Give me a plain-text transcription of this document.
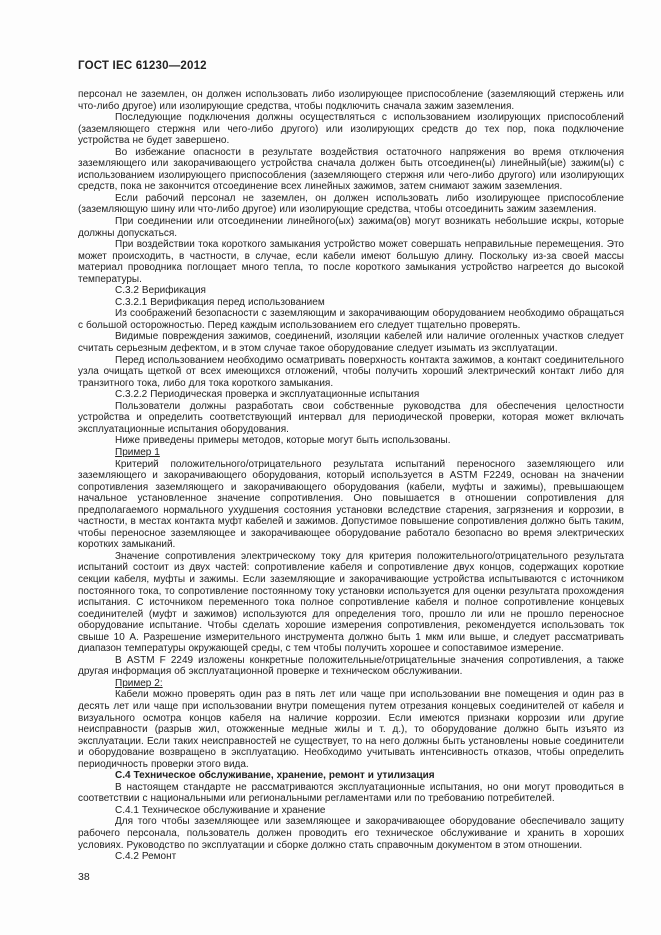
ГОСТ IEC 61230—2012
персонал не заземлен, он должен использовать либо изолирующее приспособление (заземляющий стержень или что-либо другое) или изолирующие средства, чтобы подключить сначала зажим заземления.
Последующие подключения должны осуществляться с использованием изолирующих приспособлений (заземляющего стержня или чего-либо другого) или изолирующих средств до тех пор, пока подключение устройства не будет завершено.
Во избежание опасности в результате воздействия остаточного напряжения во время отключения заземляющего или закорачивающего устройства сначала должен быть отсоединен(ы) линейный(ые) зажим(ы) с использованием изолирующего приспособления (заземляющего стержня или чего-либо другого) или изолирующих средств, пока не закончится отсоединение всех линейных зажимов, затем снимают зажим заземления.
Если рабочий персонал не заземлен, он должен использовать либо изолирующее приспособление (заземляющую шину или что-либо другое) или изолирующие средства, чтобы отсоединить зажим заземления.
При соединении или отсоединении линейного(ых) зажима(ов) могут возникать небольшие искры, которые должны допускаться.
При воздействии тока короткого замыкания устройство может совершать неправильные перемещения. Это может происходить, в частности, в случае, если кабели имеют большую длину. Поскольку из-за своей массы материал проводника поглощает много тепла, то после короткого замыкания устройство нагреется до высокой температуры.
С.3.2 Верификация
С.3.2.1 Верификация перед использованием
Из соображений безопасности с заземляющим и закорачивающим оборудованием необходимо обращаться с большой осторожностью. Перед каждым использованием его следует тщательно проверять.
Видимые повреждения зажимов, соединений, изоляции кабелей или наличие оголенных участков следует считать серьезным дефектом, и в этом случае такое оборудование следует изымать из эксплуатации.
Перед использованием необходимо осматривать поверхность контакта зажимов, а контакт соединительного узла очищать щеткой от всех имеющихся отложений, чтобы получить хороший электрический контакт либо для транзитного тока, либо для тока короткого замыкания.
С.3.2.2 Периодическая проверка и эксплуатационные испытания
Пользователи должны разработать свои собственные руководства для обеспечения целостности устройства и определить соответствующий интервал для периодической проверки, которая может включать эксплуатационные испытания оборудования.
Ниже приведены примеры методов, которые могут быть использованы.
Пример 1
Критерий положительного/отрицательного результата испытаний переносного заземляющего или заземляющего и закорачивающего оборудования, который используется в ASTM F2249, основан на значении сопротивления заземляющего и закорачивающего оборудования (кабели, муфты и зажимы), превышающем начальное установленное значение сопротивления. Оно повышается в отношении сопротивления для предполагаемого нормального ухудшения состояния установки вследствие старения, загрязнения и коррозии, в частности, в местах контакта муфт кабелей и зажимов. Допустимое повышение сопротивления должно быть таким, чтобы переносное заземляющее и закорачивающее оборудование работало безопасно во время электрических коротких замыканий.
Значение сопротивления электрическому току для критерия положительного/отрицательного результата испытаний состоит из двух частей: сопротивление кабеля и сопротивление двух концов, содержащих короткие секции кабеля, муфты и зажимы. Если заземляющие и закорачивающие устройства испытываются с источником постоянного тока, то сопротивление постоянному току установки используется для оценки результата прохождения испытания. С источником переменного тока полное сопротивление кабеля и полное сопротивление концевых соединителей (муфт и зажимов) используются для определения того, прошло ли или не прошло переносное оборудование испытание. Чтобы сделать хорошие измерения сопротивления, рекомендуется использовать ток свыше 10 А. Разрешение измерительного инструмента должно быть 1 мкм или выше, и следует рассматривать диапазон температуры окружающей среды, с тем чтобы получить хорошее и сопоставимое измерение.
В ASTM F 2249 изложены конкретные положительные/отрицательные значения сопротивления, а также другая информация об эксплуатационной проверке и техническом обслуживании.
Пример 2:
Кабели можно проверять один раз в пять лет или чаще при использовании вне помещения и один раз в десять лет или чаще при использовании внутри помещения путем отрезания концевых соединителей от кабеля и визуального осмотра концов кабеля на наличие коррозии. Если имеются признаки коррозии или другие неисправности (разрыв жил, отожженные медные жилы и т. д.), то оборудование должно быть изъято из эксплуатации. Если таких неисправностей не существует, то на него должны быть установлены новые соединители и оборудование возвращено в эксплуатацию. Необходимо учитывать интенсивность отказов, чтобы определить периодичность проверки этого вида.
С.4 Техническое обслуживание, хранение, ремонт и утилизация
В настоящем стандарте не рассматриваются эксплуатационные испытания, но они могут проводиться в соответствии с национальными или региональными регламентами или по требованию потребителей.
С.4.1 Техническое обслуживание и хранение
Для того чтобы заземляющее или заземляющее и закорачивающее оборудование обеспечивало защиту рабочего персонала, пользователь должен проводить его техническое обслуживание и хранить в хороших условиях. Руководство по эксплуатации и сборке должно стать справочным документом в этом отношении.
С.4.2 Ремонт
38
